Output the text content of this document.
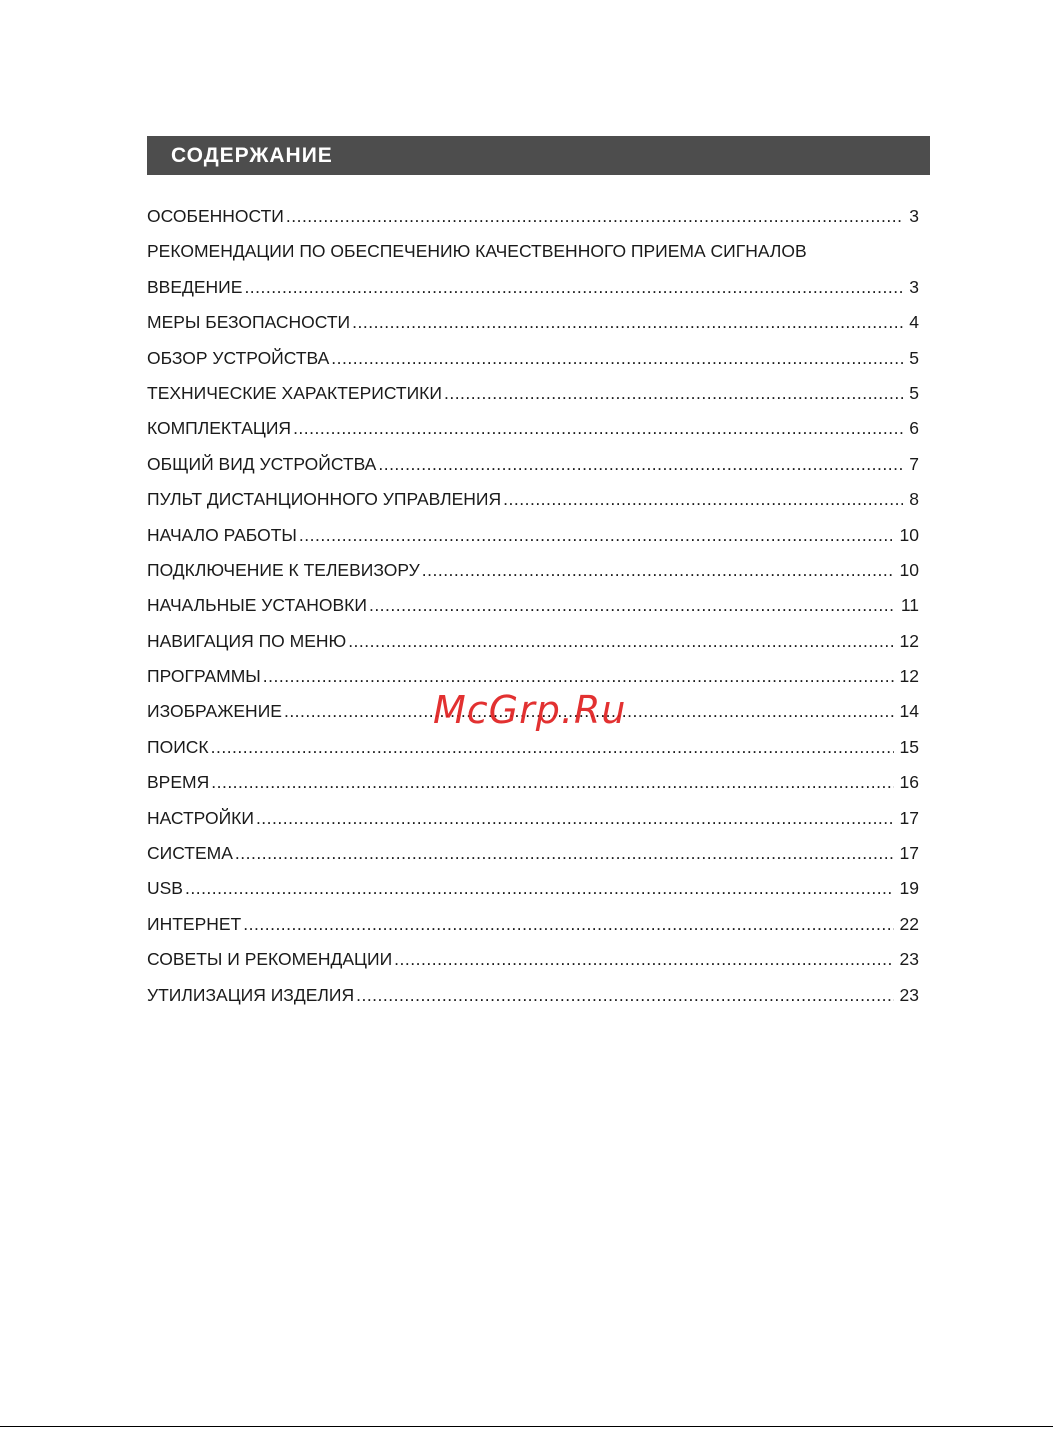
СОДЕРЖАНИЕ
ОСОБЕННОСТИ .....	3
РЕКОМЕНДАЦИИ ПО ОБЕСПЕЧЕНИЮ КАЧЕСТВЕННОГО ПРИЕМА СИГНАЛОВ
ВВЕДЕНИЕ .....	3
МЕРЫ БЕЗОПАСНОСТИ .....	4
ОБЗОР УСТРОЙСТВА .....	5
ТЕХНИЧЕСКИЕ ХАРАКТЕРИСТИКИ .....	5
КОМПЛЕКТАЦИЯ .....	6
ОБЩИЙ ВИД УСТРОЙСТВА .....	7
ПУЛЬТ ДИСТАНЦИОННОГО УПРАВЛЕНИЯ .....	8
НАЧАЛО РАБОТЫ .....	10
ПОДКЛЮЧЕНИЕ К ТЕЛЕВИЗОРУ .....	10
НАЧАЛЬНЫЕ УСТАНОВКИ .....	11
НАВИГАЦИЯ ПО МЕНЮ .....	12
ПРОГРАММЫ .....	12
ИЗОБРАЖЕНИЕ .....	14
ПОИСК .....	15
ВРЕМЯ .....	16
НАСТРОЙКИ .....	17
СИСТЕМА .....	17
USB .....	19
ИНТЕРНЕТ .....	22
СОВЕТЫ И РЕКОМЕНДАЦИИ .....	23
УТИЛИЗАЦИЯ ИЗДЕЛИЯ .....	23
McGrp.Ru
